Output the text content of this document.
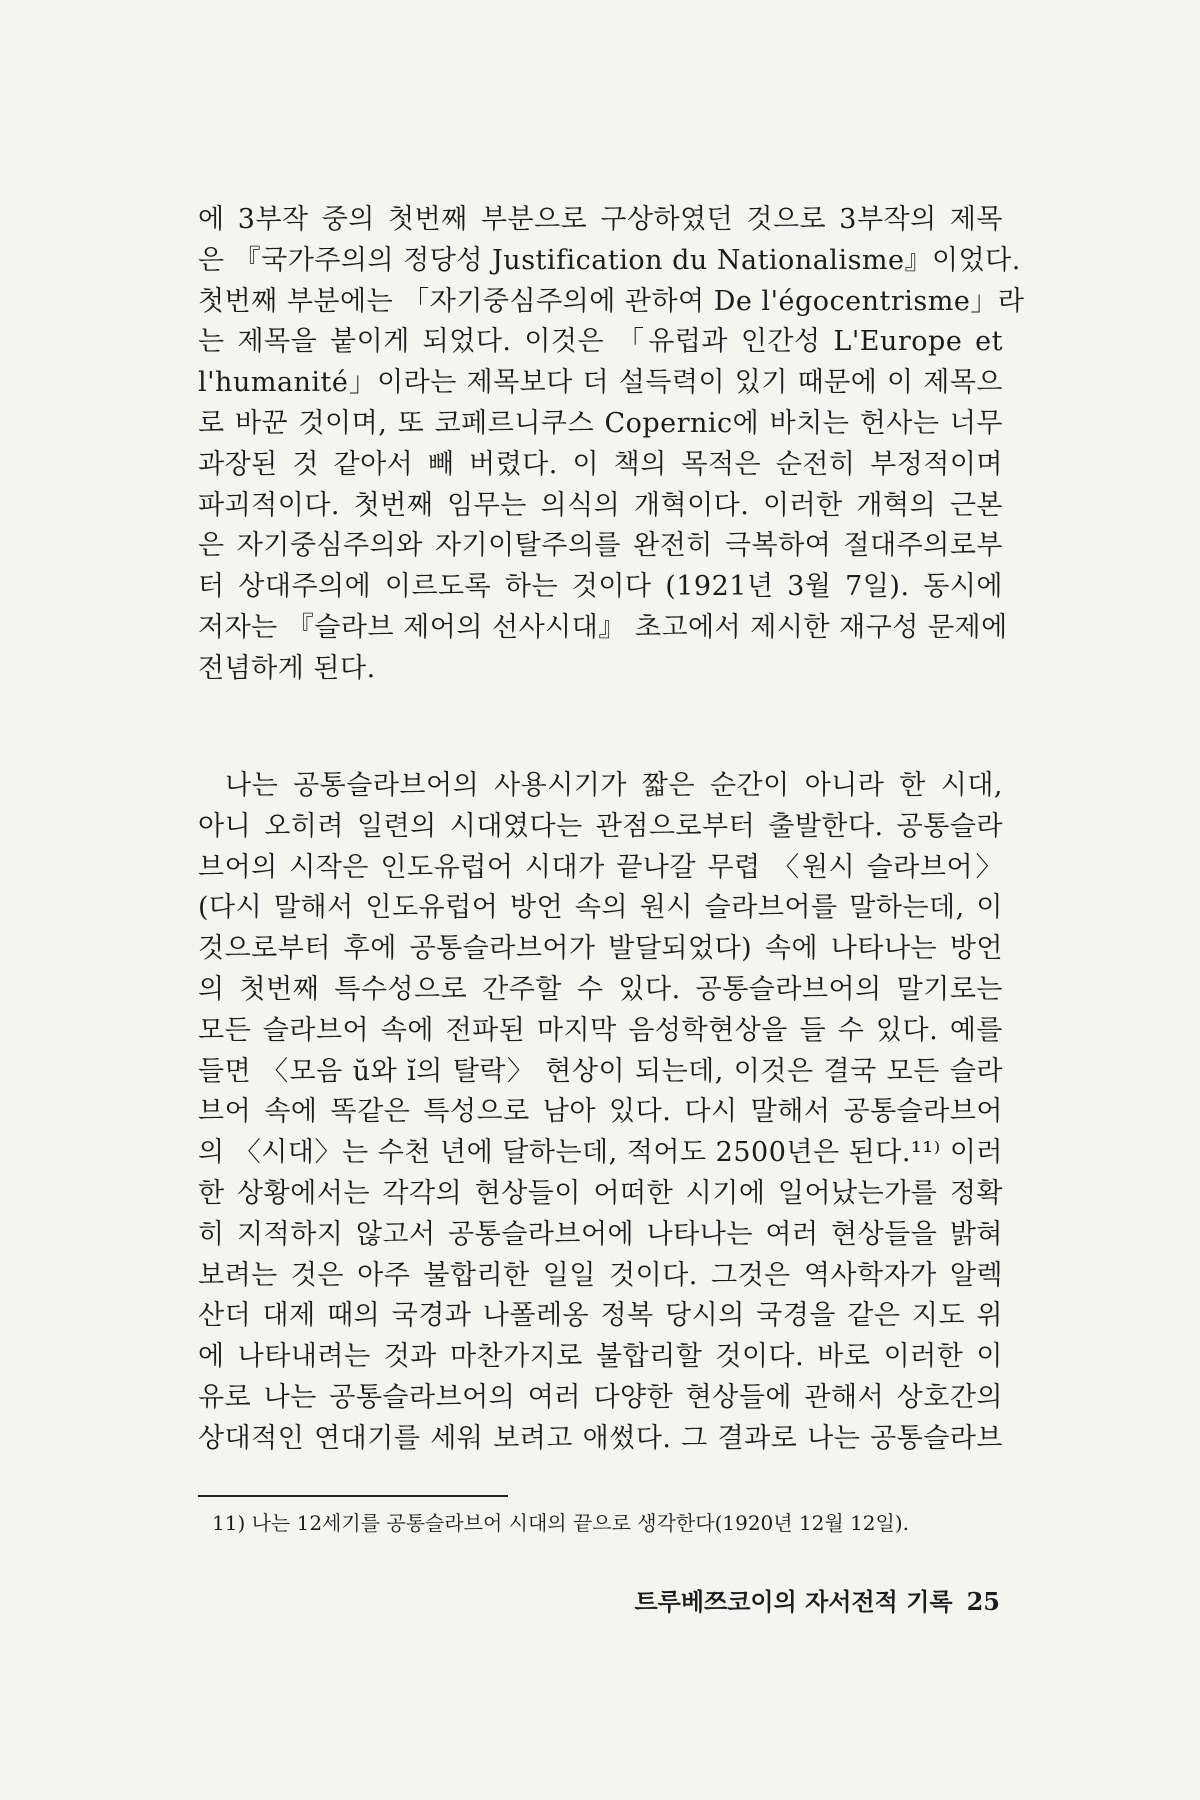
에 3부작 중의 첫번째 부분으로 구상하였던 것으로 3부작의 제목
은 『국가주의의 정당성 Justification du Nationalisme』이었다.
첫번째 부분에는 「자기중심주의에 관하여 De l'égocentrisme」라
는 제목을 붙이게 되었다. 이것은 「유럽과 인간성 L'Europe et
l'humanité」이라는 제목보다 더 설득력이 있기 때문에 이 제목으
로 바꾼 것이며, 또 코페르니쿠스 Copernic에 바치는 헌사는 너무
과장된 것 같아서 빼 버렸다. 이 책의 목적은 순전히 부정적이며
파괴적이다. 첫번째 임무는 의식의 개혁이다. 이러한 개혁의 근본
은 자기중심주의와 자기이탈주의를 완전히 극복하여 절대주의로부
터 상대주의에 이르도록 하는 것이다 (1921년 3월 7일). 동시에
저자는 『슬라브 제어의 선사시대』 초고에서 제시한 재구성 문제에
전념하게 된다.
나는 공통슬라브어의 사용시기가 짧은 순간이 아니라 한 시대,
아니 오히려 일련의 시대였다는 관점으로부터 출발한다. 공통슬라
브어의 시작은 인도유럽어 시대가 끝나갈 무렵 〈원시 슬라브어〉
(다시 말해서 인도유럽어 방언 속의 원시 슬라브어를 말하는데, 이
것으로부터 후에 공통슬라브어가 발달되었다) 속에 나타나는 방언
의 첫번째 특수성으로 간주할 수 있다. 공통슬라브어의 말기로는
모든 슬라브어 속에 전파된 마지막 음성학현상을 들 수 있다. 예를
들면 〈모음 ŭ와 ĭ의 탈락〉 현상이 되는데, 이것은 결국 모든 슬라
브어 속에 똑같은 특성으로 남아 있다. 다시 말해서 공통슬라브어
의 〈시대〉는 수천 년에 달하는데, 적어도 2500년은 된다.¹¹⁾ 이러
한 상황에서는 각각의 현상들이 어떠한 시기에 일어났는가를 정확
히 지적하지 않고서 공통슬라브어에 나타나는 여러 현상들을 밝혀
보려는 것은 아주 불합리한 일일 것이다. 그것은 역사학자가 알렉
산더 대제 때의 국경과 나폴레옹 정복 당시의 국경을 같은 지도 위
에 나타내려는 것과 마찬가지로 불합리할 것이다. 바로 이러한 이
유로 나는 공통슬라브어의 여러 다양한 현상들에 관해서 상호간의
상대적인 연대기를 세워 보려고 애썼다. 그 결과로 나는 공통슬라브
11) 나는 12세기를 공통슬라브어 시대의 끝으로 생각한다(1920년 12월 12일).
트루베쯔코이의 자서전적 기록 25
